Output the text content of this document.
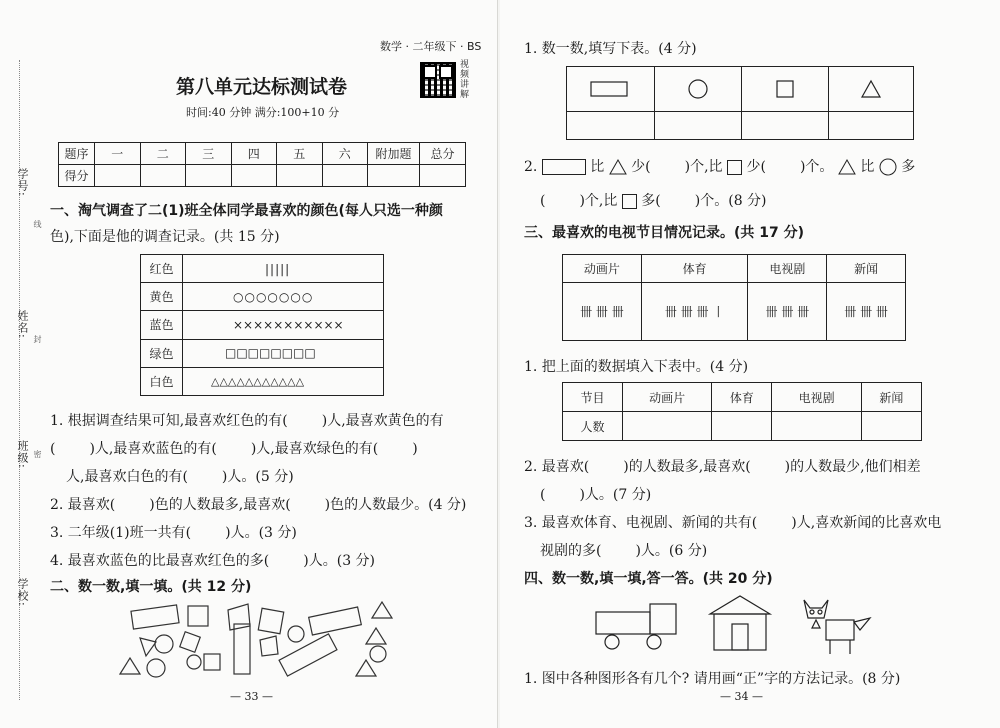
学号:
线
姓名:
封
班级: 密
学校:
数学 · 二年级下 · BS
视频讲解
第八单元达标测试卷
时间:40 分钟 满分:100+10 分
题序	一	二	三	四	五	六	附加题	总分
得分								
一、淘气调查了二(1)班全体同学最喜欢的颜色(每人只选一种颜
色),下面是他的调查记录。(共 15 分)
红色	|||||
黄色	○○○○○○○
蓝色	×××××××××××
绿色	□□□□□□□□
白色	△△△△△△△△△△△
1. 根据调查结果可知,最喜欢红色的有( )人,最喜欢黄色的有
( )人,最喜欢蓝色的有( )人,最喜欢绿色的有( )
人,最喜欢白色的有( )人。(5 分)
2. 最喜欢( )色的人数最多,最喜欢( )色的人数最少。(4 分)
3. 二年级(1)班一共有( )人。(3 分)
4. 最喜欢蓝色的比最喜欢红色的多( )人。(3 分)
二、数一数,填一填。(共 12 分)
— 33 —
1. 数一数,填写下表。(4 分)
2.	比 少( )个,比 少( )个。 比 多
( )个,比 多( )个。(8 分)
三、最喜欢的电视节目情况记录。(共 17 分)
动画片	体育	电视剧	新闻
卌 卌 卌	卌 卌 卌 丨	卌 卌 卌	卌 卌 卌
1. 把上面的数据填入下表中。(4 分)
节目	动画片	体育	电视剧	新闻
人数				
2. 最喜欢( )的人数最多,最喜欢( )的人数最少,他们相差
( )人。(7 分)
3. 最喜欢体育、电视剧、新闻的共有( )人,喜欢新闻的比喜欢电
视剧的多( )人。(6 分)
四、数一数,填一填,答一答。(共 20 分)
1. 图中各种图形各有几个? 请用画“正”字的方法记录。(8 分)
— 34 —
